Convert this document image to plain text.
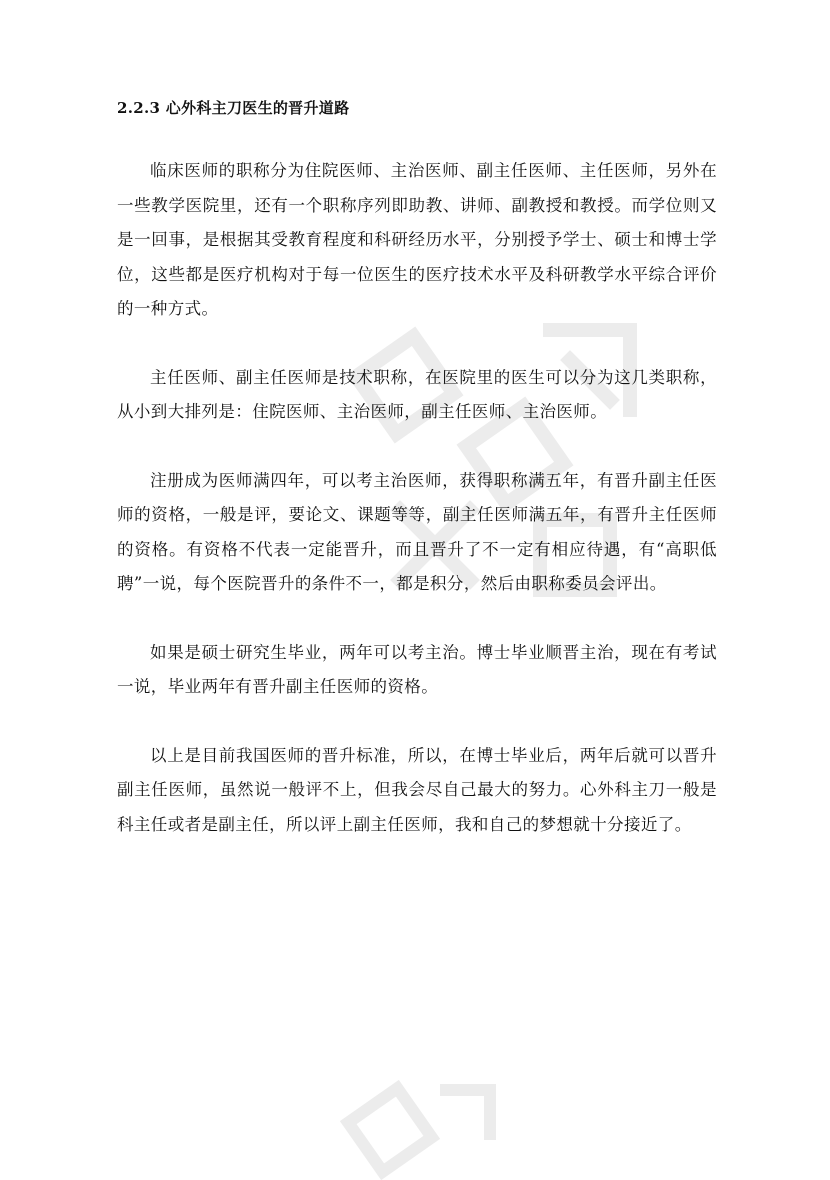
2.2.3 心外科主刀医生的晋升道路

临床医师的职称分为住院医师、主治医师、副主任医师、主任医师，另外在一些教学医院里，还有一个职称序列即助教、讲师、副教授和教授。而学位则又是一回事，是根据其受教育程度和科研经历水平，分别授予学士、硕士和博士学位，这些都是医疗机构对于每一位医生的医疗技术水平及科研教学水平综合评价的一种方式。

主任医师、副主任医师是技术职称，在医院里的医生可以分为这几类职称，从小到大排列是：住院医师、主治医师，副主任医师、主治医师。

注册成为医师满四年，可以考主治医师，获得职称满五年，有晋升副主任医师的资格，一般是评，要论文、课题等等，副主任医师满五年，有晋升主任医师的资格。有资格不代表一定能晋升，而且晋升了不一定有相应待遇，有“高职低聘”一说，每个医院晋升的条件不一，都是积分，然后由职称委员会评出。

如果是硕士研究生毕业，两年可以考主治。博士毕业顺晋主治，现在有考试一说，毕业两年有晋升副主任医师的资格。

以上是目前我国医师的晋升标准，所以，在博士毕业后，两年后就可以晋升副主任医师，虽然说一般评不上，但我会尽自己最大的努力。心外科主刀一般是科主任或者是副主任，所以评上副主任医师，我和自己的梦想就十分接近了。
